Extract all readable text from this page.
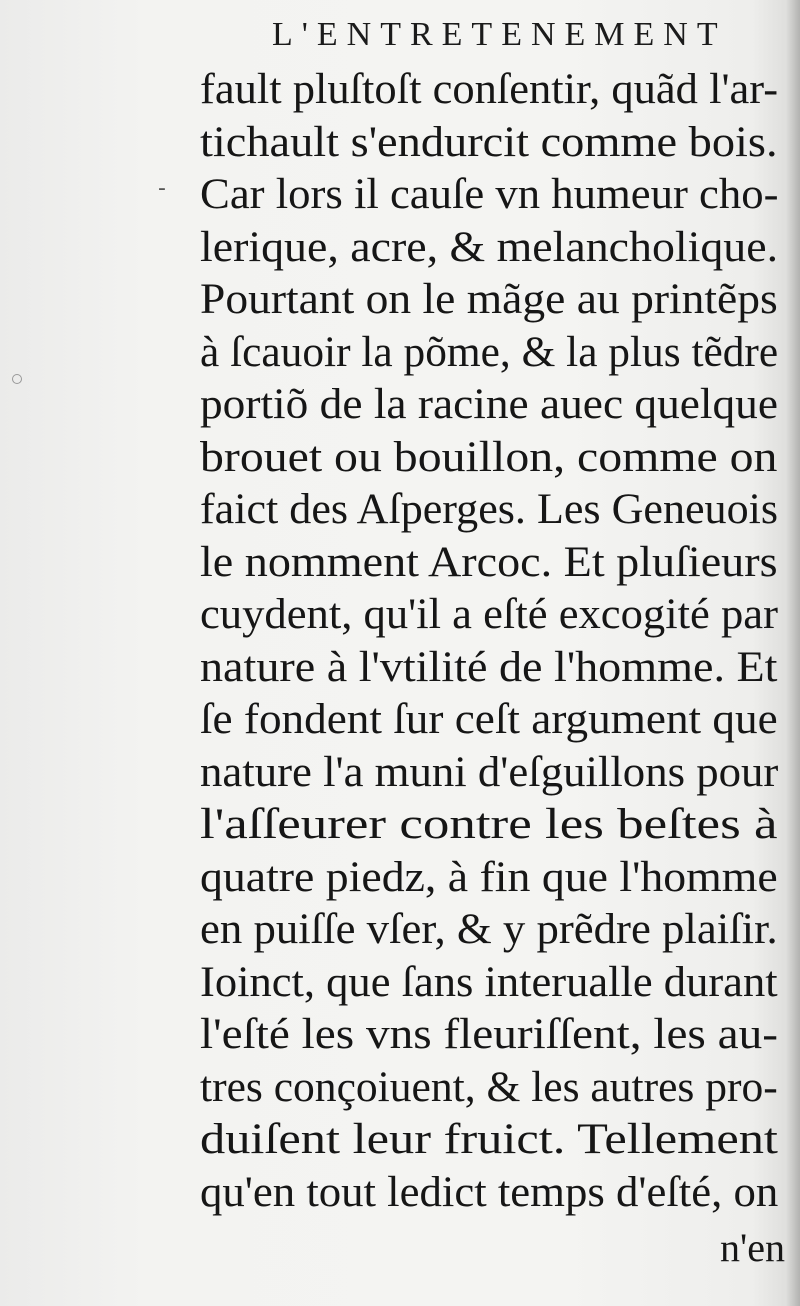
-
L'ENTRETENEMENT
fault pluſtoſt conſentir, quãd l'ar-
tichault s'endurcit comme bois.
Car lors il cauſe vn humeur cho-
lerique, acre, & melancholique.
Pourtant on le mãge au printẽps
à ſcauoir la põme, & la plus tẽdre
portiõ de la racine auec quelque
brouet ou bouillon, comme on
faict des Aſperges. Les Geneuois
le nomment Arcoc. Et pluſieurs
cuydent, qu'il a eſté excogité par
nature à l'vtilité de l'homme. Et
ſe fondent ſur ceſt argument que
nature l'a muni d'eſguillons pour
l'aſſeurer contre les beſtes à
quatre piedz, à fin que l'homme
en puiſſe vſer, & y prẽdre plaiſir.
Ioinct, que ſans interualle durant
l'eſté les vns fleuriſſent, les au-
tres conçoiuent, & les autres pro-
duiſent leur fruict. Tellement
qu'en tout ledict temps d'eſté, on
n'en
